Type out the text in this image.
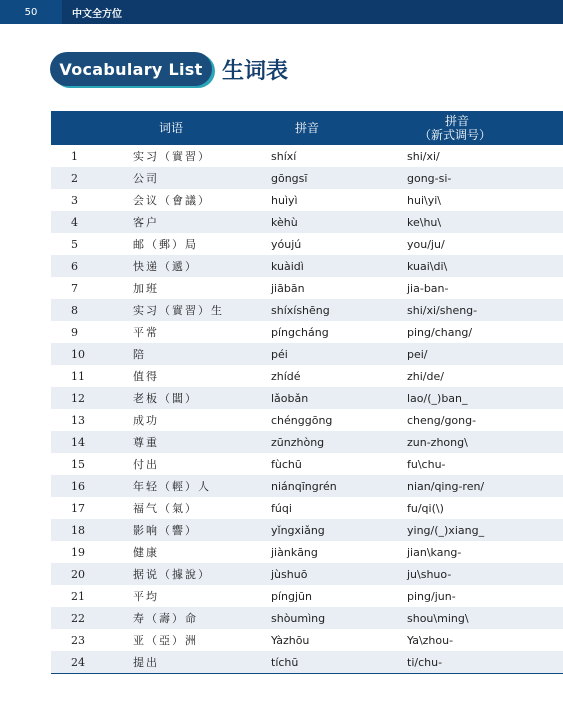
50	中文全方位
Vocabulary List 生词表

	词语	拼音	拼音
（新式调号）

1	实习（實習）	shíxí	shi/xi/
2	公司	gōngsī	gong-si-
3	会议（會議）	huìyì	hui\yi\
4	客户	kèhù	ke\hu\
5	邮（郵）局	yóujú	you/ju/
6	快递（遞）	kuàidì	kuai\di\
7	加班	jiābān	jia-ban-
8	实习（實習）生	shíxíshēng	shi/xi/sheng-
9	平常	píngcháng	ping/chang/
10	陪	péi	pei/
11	值得	zhídé	zhi/de/
12	老板（闆）	lǎobǎn	lao/(_)ban_
13	成功	chénggōng	cheng/gong-
14	尊重	zūnzhòng	zun-zhong\
15	付出	fùchū	fu\chu-
16	年轻（輕）人	niánqīngrén	nian/qing-ren/
17	福气（氣）	fúqi	fu/qi(\)
18	影响（響）	yǐngxiǎng	ying/(_)xiang_
19	健康	jiànkāng	jian\kang-
20	据说（據說）	jùshuō	ju\shuo-
21	平均	píngjūn	ping/jun-
22	寿（壽）命	shòumìng	shou\ming\
23	亚（亞）洲	Yàzhōu	Ya\zhou-
24	提出	tíchū	ti/chu-
